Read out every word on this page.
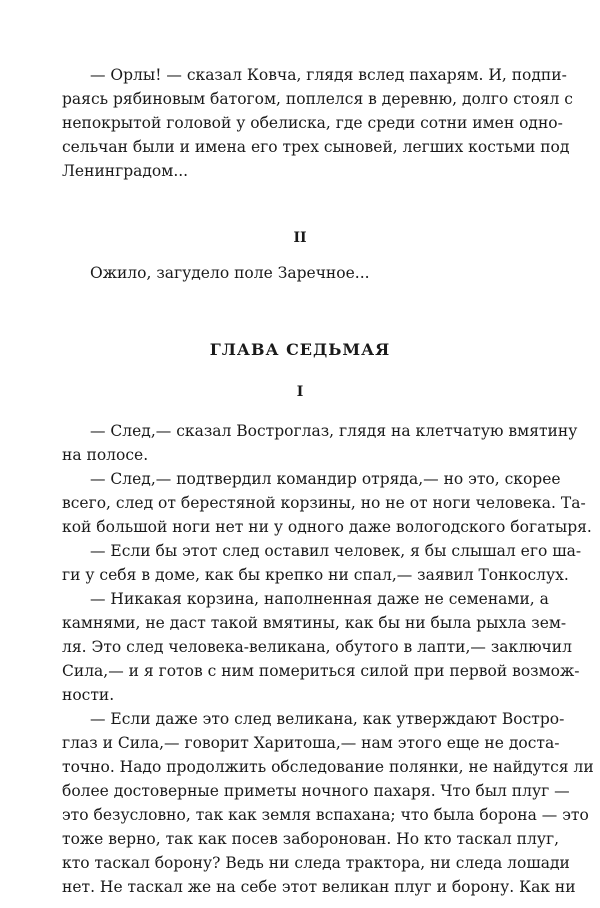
— Орлы! — сказал Ковча, глядя вслед пахарям. И, подпи-
раясь рябиновым батогом, поплелся в деревню, долго стоял с
непокрытой головой у обелиска, где среди сотни имен одно-
сельчан были и имена его трех сыновей, легших костьми под
Ленинградом...
II
Ожило, загудело поле Заречное...
ГЛАВА СЕДЬМАЯ
I
— След,— сказал Востроглаз, глядя на клетчатую вмятину
на полосе.
— След,— подтвердил командир отряда,— но это, скорее
всего, след от берестяной корзины, но не от ноги человека. Та-
кой большой ноги нет ни у одного даже вологодского богатыря.
— Если бы этот след оставил человек, я бы слышал его ша-
ги у себя в доме, как бы крепко ни спал,— заявил Тонкослух.
— Никакая корзина, наполненная даже не семенами, а
камнями, не даст такой вмятины, как бы ни была рыхла зем-
ля. Это след человека-великана, обутого в лапти,— заключил
Сила,— и я готов с ним помериться силой при первой возмож-
ности.
— Если даже это след великана, как утверждают Востро-
глаз и Сила,— говорит Харитоша,— нам этого еще не доста-
точно. Надо продолжить обследование полянки, не найдутся ли
более достоверные приметы ночного пахаря. Что был плуг —
это безусловно, так как земля вспахана; что была борона — это
тоже верно, так как посев заборонован. Но кто таскал плуг,
кто таскал борону? Ведь ни следа трактора, ни следа лошади
нет. Не таскал же на себе этот великан плуг и борону. Как ни
